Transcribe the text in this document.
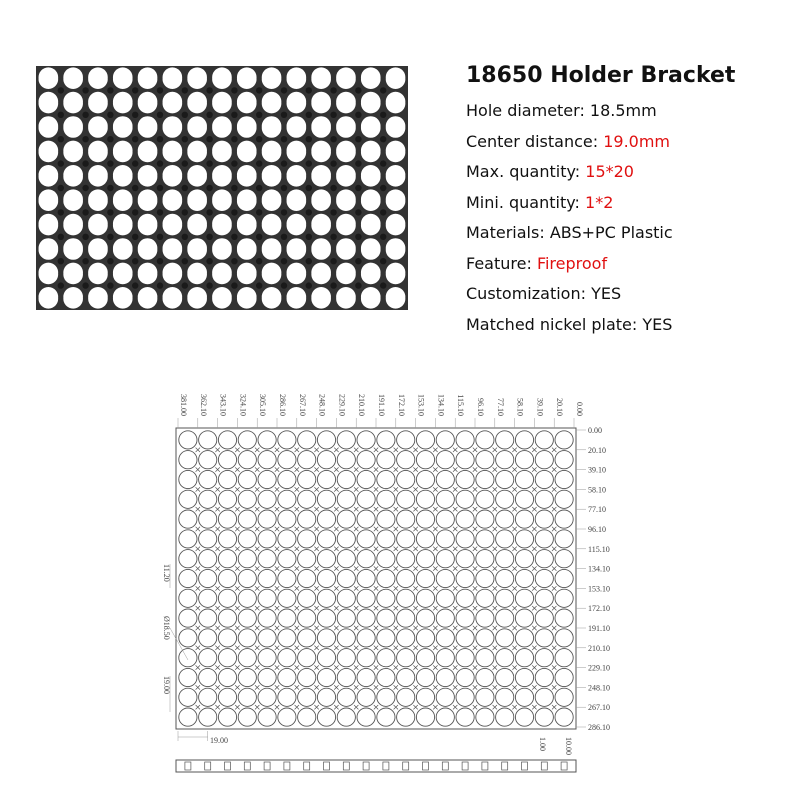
18650 Holder Bracket
Hole diameter: 18.5mm
Center distance: 19.0mm
Max. quantity: 15*20
Mini. quantity: 1*2
Materials: ABS+PC Plastic
Feature: Fireproof
Customization: YES
Matched nickel plate: YES
381.00 362.10 343.10 324.10 305.10 286.10 267.10 248.10 229.10 210.10 191.10 172.10 153.10 134.10 115.10 96.10 77.10 58.10 39.10 20.10 0.00
0.00
20.10
39.10
58.10
77.10
96.10
115.10
134.10
153.10
172.10
191.10
210.10
229.10
248.10
267.10
286.10
11.20
Ø18.50
19.00
19.00	1.00 10.00
